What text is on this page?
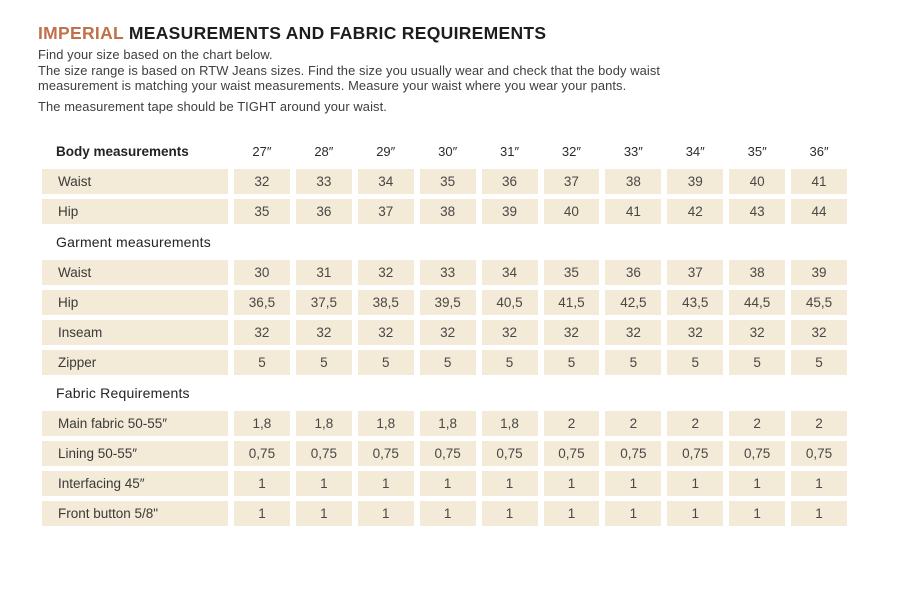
IMPERIAL MEASUREMENTS AND FABRIC REQUIREMENTS

Find your size based on the chart below.

The size range is based on RTW Jeans sizes. Find the size you usually wear and check that the body waist measurement is matching your waist measurements. Measure your waist where you wear your pants.

The measurement tape should be TIGHT around your waist.

Body measurements	27″	28″	29″	30″	31″	32″	33″	34″	35″	36″
Waist	32	33	34	35	36	37	38	39	40	41
Hip	35	36	37	38	39	40	41	42	43	44
Garment measurements
Waist	30	31	32	33	34	35	36	37	38	39
Hip	36,5	37,5	38,5	39,5	40,5	41,5	42,5	43,5	44,5	45,5
Inseam	32	32	32	32	32	32	32	32	32	32
Zipper	5	5	5	5	5	5	5	5	5	5
Fabric Requirements
Main fabric 50-55″	1,8	1,8	1,8	1,8	1,8	2	2	2	2	2
Lining 50-55″	0,75	0,75	0,75	0,75	0,75	0,75	0,75	0,75	0,75	0,75
Interfacing 45″	1	1	1	1	1	1	1	1	1	1
Front button 5/8"	1	1	1	1	1	1	1	1	1	1
